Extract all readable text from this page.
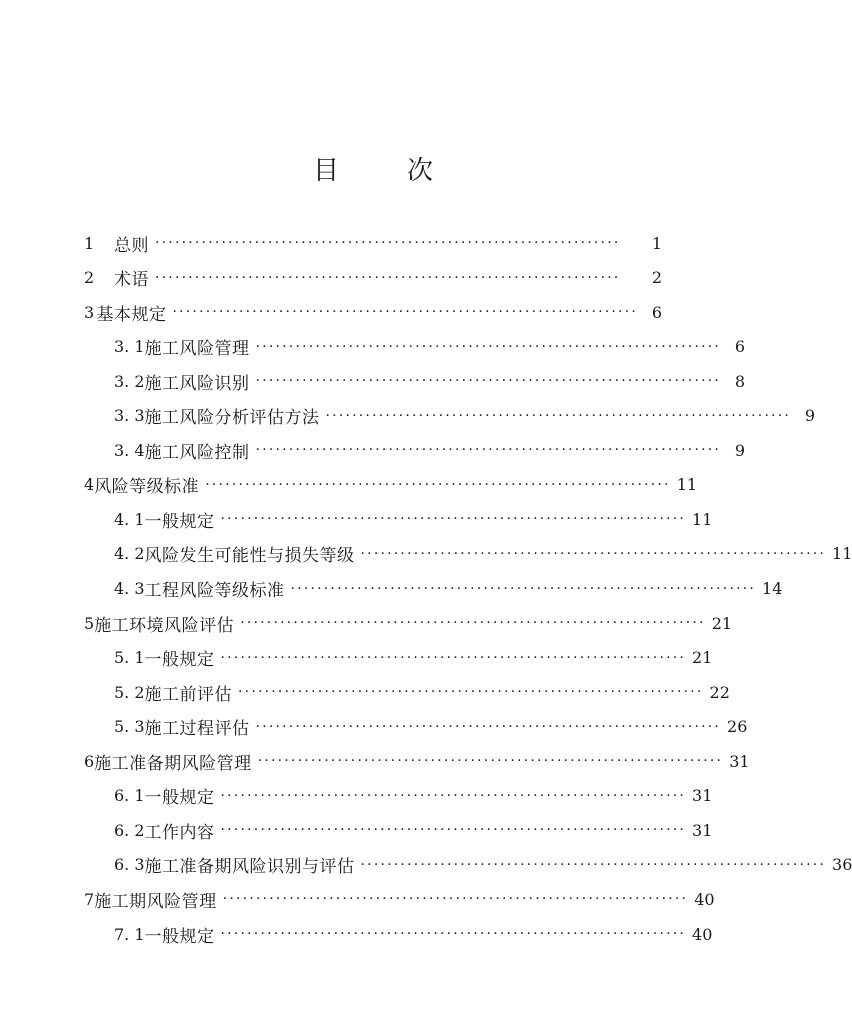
目	次
1	总则 ······································································	1
2	术语 ······································································	2
3 基本规定 ······································································ 6
3. 1 施工风险管理 ······································································ 6
3. 2 施工风险识别 ······································································ 8
3. 3 施工风险分析评估方法 ······································································ 9
3. 4 施工风险控制 ······································································ 9
4 风险等级标准 ······································································ 11
4. 1 一般规定 ······································································ 11
4. 2 风险发生可能性与损失等级 ······································································ 11
4. 3 工程风险等级标准 ······································································ 14
5 施工环境风险评估 ······································································ 21
5. 1 一般规定 ······································································ 21
5. 2 施工前评估 ······································································ 22
5. 3 施工过程评估 ······································································ 26
6 施工准备期风险管理 ······································································ 31
6. 1 一般规定 ······································································ 31
6. 2 工作内容 ······································································ 31
6. 3 施工准备期风险识别与评估 ······································································ 36
7 施工期风险管理 ······································································ 40
7. 1 一般规定 ······································································ 40
